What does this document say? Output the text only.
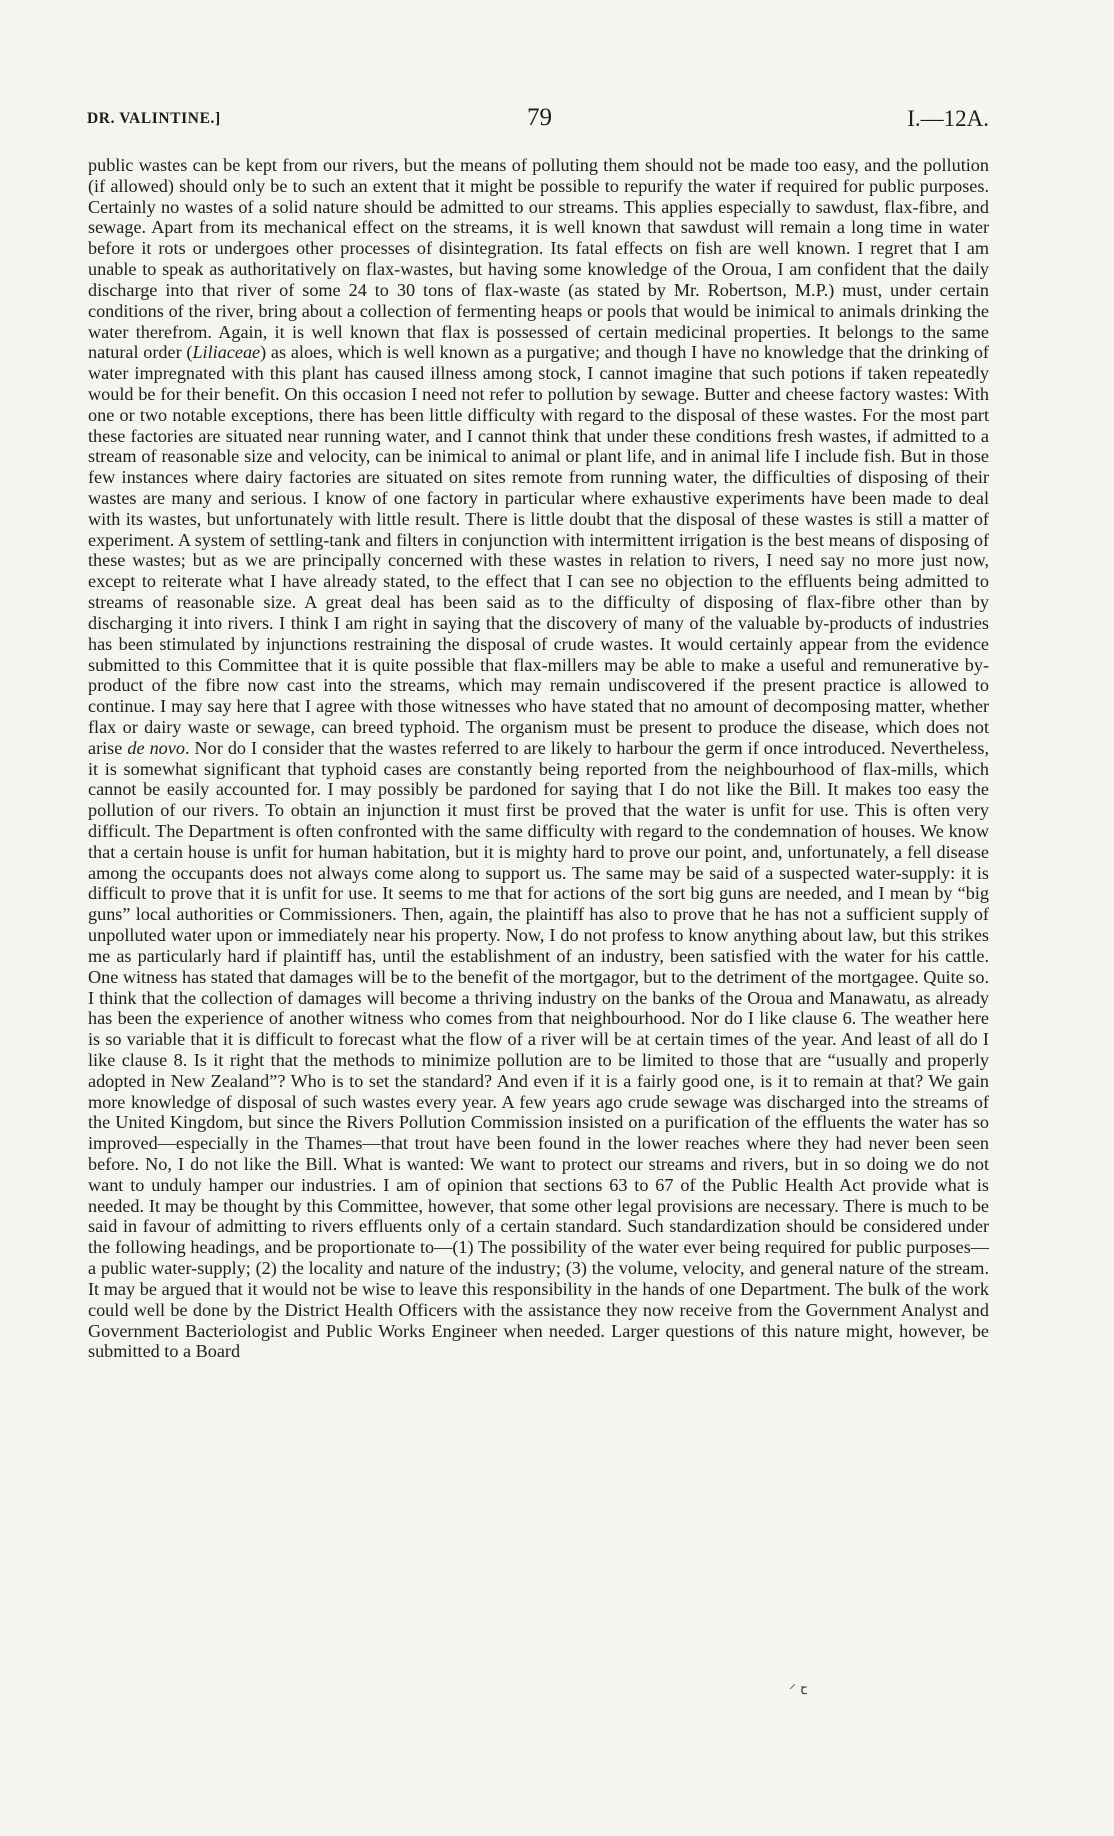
DR. VALINTINE.]	79	I.—12A.

public wastes can be kept from our rivers, but the means of polluting them should not be made too easy, and the pollution (if allowed) should only be to such an extent that it might be possible to repurify the water if required for public purposes. Certainly no wastes of a solid nature should be admitted to our streams. This applies especially to sawdust, flax-fibre, and sewage. Apart from its mechanical effect on the streams, it is well known that sawdust will remain a long time in water before it rots or undergoes other processes of disintegration. Its fatal effects on fish are well known. I regret that I am unable to speak as authoritatively on flax-wastes, but having some knowledge of the Oroua, I am confident that the daily discharge into that river of some 24 to 30 tons of flax-waste (as stated by Mr. Robertson, M.P.) must, under certain conditions of the river, bring about a collection of fermenting heaps or pools that would be inimical to animals drinking the water therefrom. Again, it is well known that flax is possessed of certain medicinal properties. It belongs to the same natural order (Liliaceae) as aloes, which is well known as a purgative; and though I have no knowledge that the drinking of water impregnated with this plant has caused illness among stock, I cannot imagine that such potions if taken repeatedly would be for their benefit. On this occasion I need not refer to pollution by sewage. Butter and cheese factory wastes: With one or two notable exceptions, there has been little difficulty with regard to the disposal of these wastes. For the most part these factories are situated near running water, and I cannot think that under these conditions fresh wastes, if admitted to a stream of reasonable size and velocity, can be inimical to animal or plant life, and in animal life I include fish. But in those few instances where dairy factories are situated on sites remote from running water, the difficulties of disposing of their wastes are many and serious. I know of one factory in particular where exhaustive experiments have been made to deal with its wastes, but unfortunately with little result. There is little doubt that the disposal of these wastes is still a matter of experiment. A system of settling-tank and filters in conjunction with intermittent irrigation is the best means of disposing of these wastes; but as we are principally concerned with these wastes in relation to rivers, I need say no more just now, except to reiterate what I have already stated, to the effect that I can see no objection to the effluents being admitted to streams of reasonable size. A great deal has been said as to the difficulty of disposing of flax-fibre other than by discharging it into rivers. I think I am right in saying that the discovery of many of the valuable by-products of industries has been stimulated by injunctions restraining the disposal of crude wastes. It would certainly appear from the evidence submitted to this Committee that it is quite possible that flax-millers may be able to make a useful and remunerative by-product of the fibre now cast into the streams, which may remain undiscovered if the present practice is allowed to continue. I may say here that I agree with those witnesses who have stated that no amount of decomposing matter, whether flax or dairy waste or sewage, can breed typhoid. The organism must be present to produce the disease, which does not arise de novo. Nor do I consider that the wastes referred to are likely to harbour the germ if once introduced. Nevertheless, it is somewhat significant that typhoid cases are constantly being reported from the neighbourhood of flax-mills, which cannot be easily accounted for. I may possibly be pardoned for saying that I do not like the Bill. It makes too easy the pollution of our rivers. To obtain an injunction it must first be proved that the water is unfit for use. This is often very difficult. The Department is often confronted with the same difficulty with regard to the condemnation of houses. We know that a certain house is unfit for human habitation, but it is mighty hard to prove our point, and, unfortunately, a fell disease among the occupants does not always come along to support us. The same may be said of a suspected water-supply: it is difficult to prove that it is unfit for use. It seems to me that for actions of the sort big guns are needed, and I mean by “big guns” local authorities or Commissioners. Then, again, the plaintiff has also to prove that he has not a sufficient supply of unpolluted water upon or immediately near his property. Now, I do not profess to know anything about law, but this strikes me as particularly hard if plaintiff has, until the establishment of an industry, been satisfied with the water for his cattle. One witness has stated that damages will be to the benefit of the mortgagor, but to the detriment of the mortgagee. Quite so. I think that the collection of damages will become a thriving industry on the banks of the Oroua and Manawatu, as already has been the experience of another witness who comes from that neighbourhood. Nor do I like clause 6. The weather here is so variable that it is difficult to forecast what the flow of a river will be at certain times of the year. And least of all do I like clause 8. Is it right that the methods to minimize pollution are to be limited to those that are “usually and properly adopted in New Zealand”? Who is to set the standard? And even if it is a fairly good one, is it to remain at that? We gain more knowledge of disposal of such wastes every year. A few years ago crude sewage was discharged into the streams of the United Kingdom, but since the Rivers Pollution Commission insisted on a purification of the effluents the water has so improved—especially in the Thames—that trout have been found in the lower reaches where they had never been seen before. No, I do not like the Bill. What is wanted: We want to protect our streams and rivers, but in so doing we do not want to unduly hamper our industries. I am of opinion that sections 63 to 67 of the Public Health Act provide what is needed. It may be thought by this Committee, however, that some other legal provisions are necessary. There is much to be said in favour of admitting to rivers effluents only of a certain standard. Such standardization should be considered under the following headings, and be proportionate to—(1) The possibility of the water ever being required for public purposes—a public water-supply; (2) the locality and nature of the industry; (3) the volume, velocity, and general nature of the stream. It may be argued that it would not be wise to leave this responsibility in the hands of one Department. The bulk of the work could well be done by the District Health Officers with the assistance they now receive from the Government Analyst and Government Bacteriologist and Public Works Engineer when needed. Larger questions of this nature might, however, be submitted to a Board

⸍ ꞇ
